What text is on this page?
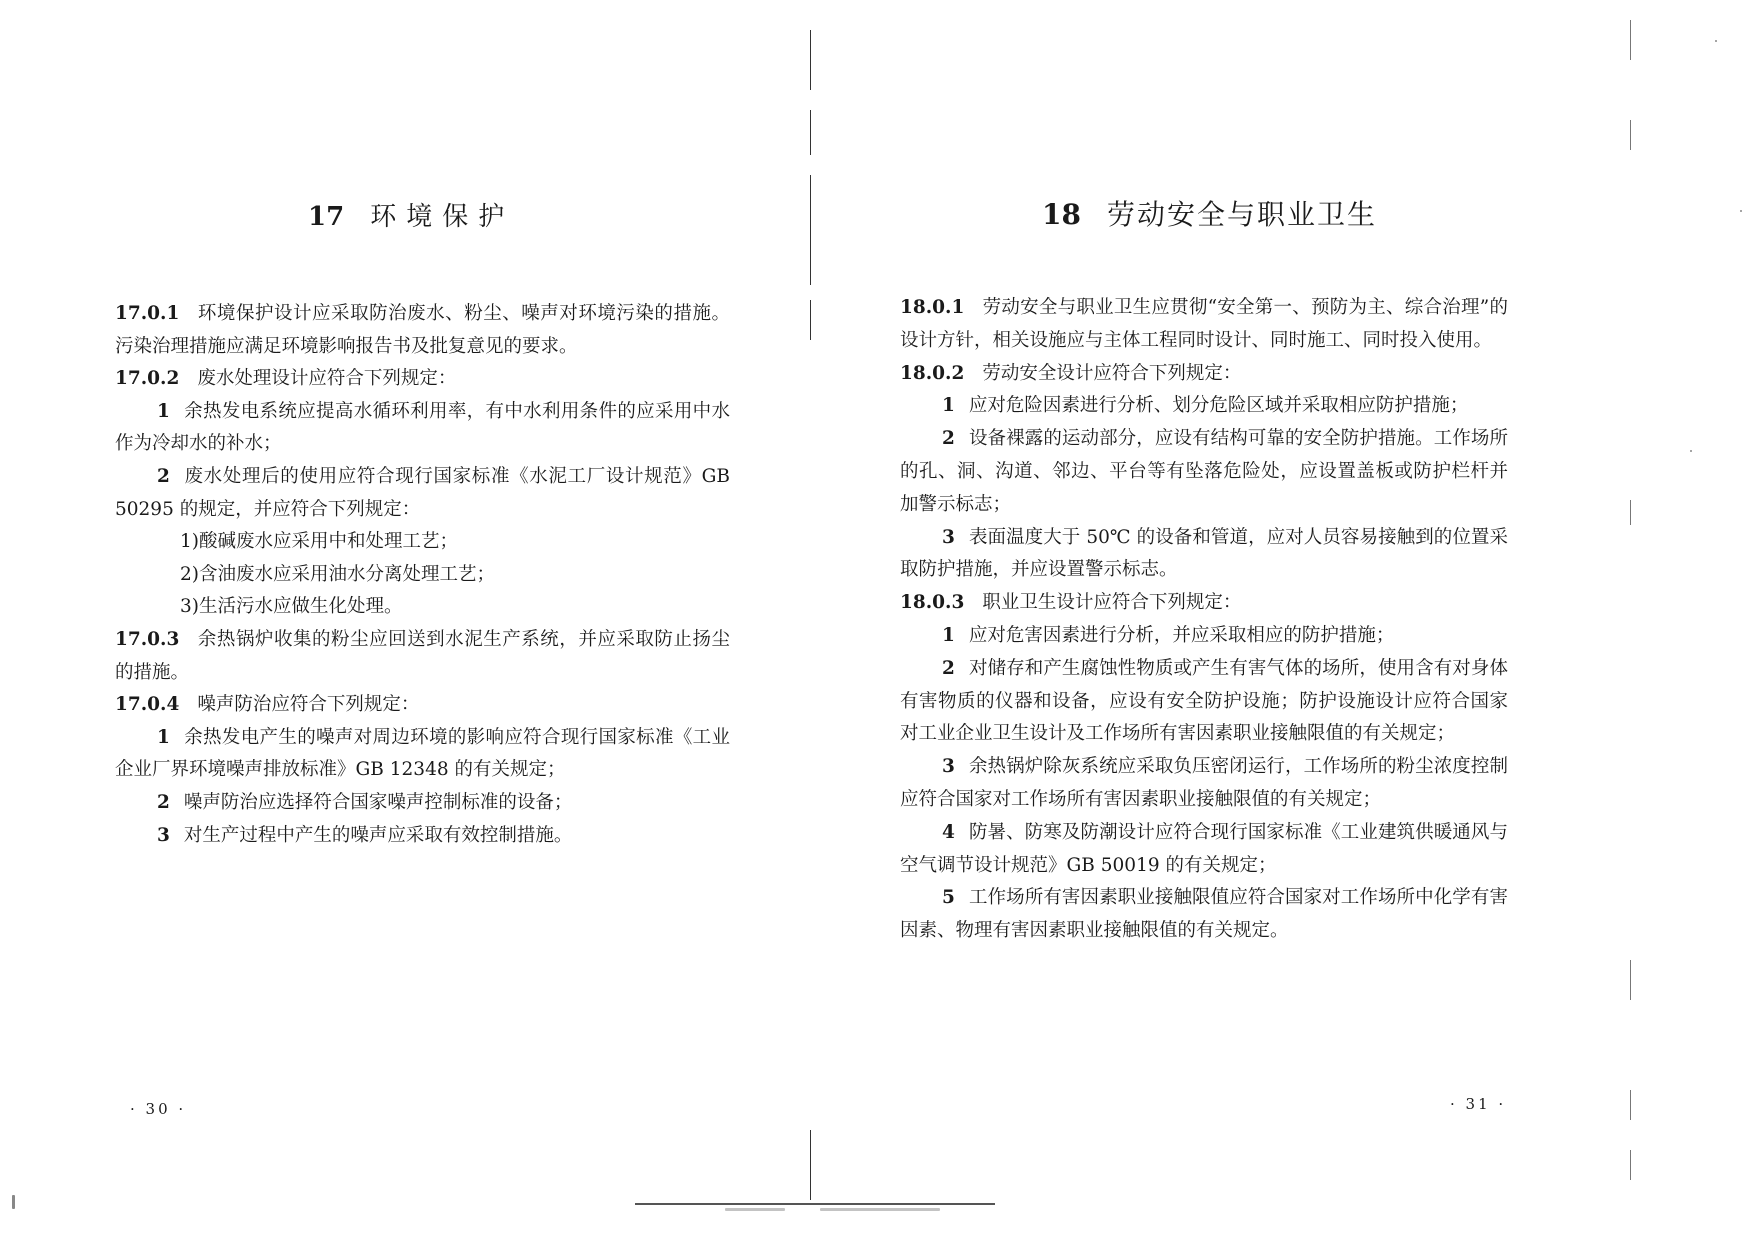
17 环境保护

17.0.1 环境保护设计应采取防治废水、粉尘、噪声对环境污染的措施。污染治理措施应满足环境影响报告书及批复意见的要求。

17.0.2 废水处理设计应符合下列规定：

1 余热发电系统应提高水循环利用率，有中水利用条件的应采用中水作为冷却水的补水；

2 废水处理后的使用应符合现行国家标准《水泥工厂设计规范》GB 50295 的规定，并应符合下列规定：

1)酸碱废水应采用中和处理工艺；

2)含油废水应采用油水分离处理工艺；

3)生活污水应做生化处理。

17.0.3 余热锅炉收集的粉尘应回送到水泥生产系统，并应采取防止扬尘的措施。

17.0.4 噪声防治应符合下列规定：

1 余热发电产生的噪声对周边环境的影响应符合现行国家标准《工业企业厂界环境噪声排放标准》GB 12348 的有关规定；

2 噪声防治应选择符合国家噪声控制标准的设备；

3 对生产过程中产生的噪声应采取有效控制措施。

· 30 ·
18 劳动安全与职业卫生

18.0.1 劳动安全与职业卫生应贯彻“安全第一、预防为主、综合治理”的设计方针，相关设施应与主体工程同时设计、同时施工、同时投入使用。

18.0.2 劳动安全设计应符合下列规定：

1 应对危险因素进行分析、划分危险区域并采取相应防护措施；

2 设备裸露的运动部分，应设有结构可靠的安全防护措施。工作场所的孔、洞、沟道、邻边、平台等有坠落危险处，应设置盖板或防护栏杆并加警示标志；

3 表面温度大于 50℃ 的设备和管道，应对人员容易接触到的位置采取防护措施，并应设置警示标志。

18.0.3 职业卫生设计应符合下列规定：

1 应对危害因素进行分析，并应采取相应的防护措施；

2 对储存和产生腐蚀性物质或产生有害气体的场所，使用含有对身体有害物质的仪器和设备，应设有安全防护设施；防护设施设计应符合国家对工业企业卫生设计及工作场所有害因素职业接触限值的有关规定；

3 余热锅炉除灰系统应采取负压密闭运行，工作场所的粉尘浓度控制应符合国家对工作场所有害因素职业接触限值的有关规定；

4 防暑、防寒及防潮设计应符合现行国家标准《工业建筑供暖通风与空气调节设计规范》GB 50019 的有关规定；

5 工作场所有害因素职业接触限值应符合国家对工作场所中化学有害因素、物理有害因素职业接触限值的有关规定。

· 31 ·
